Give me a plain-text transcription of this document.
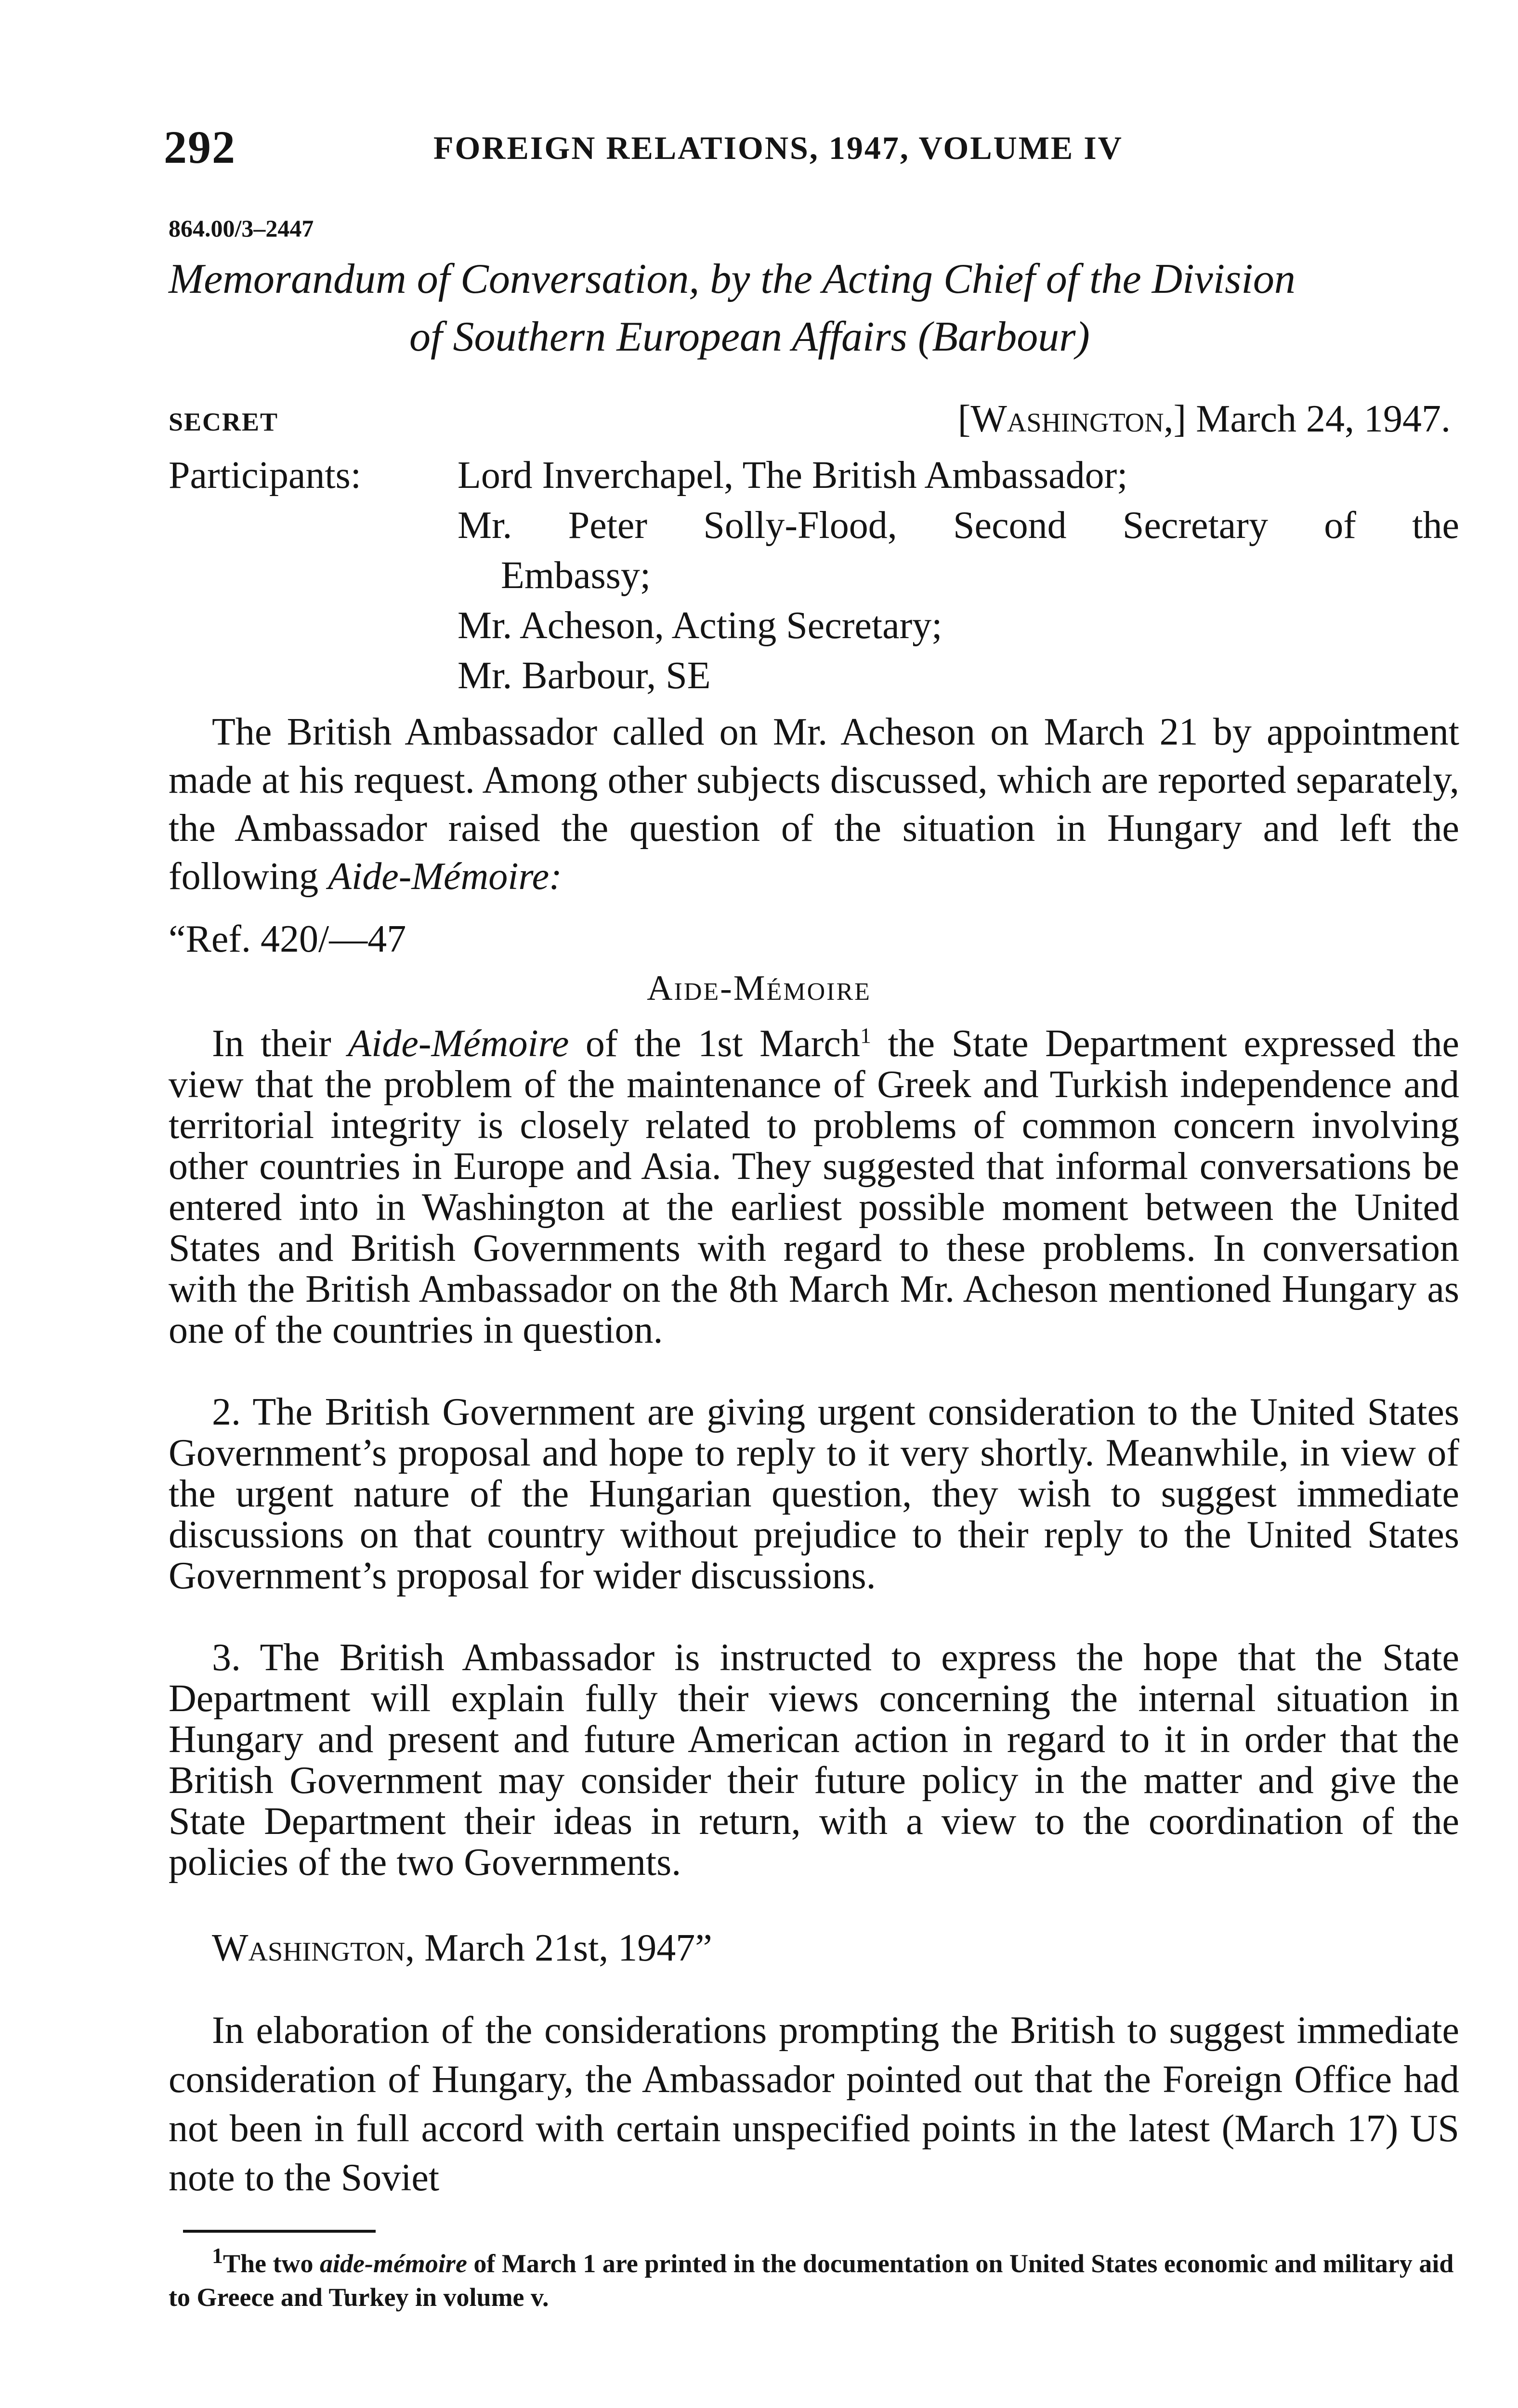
292	FOREIGN RELATIONS, 1947, VOLUME IV
864.00/3–2447
Memorandum of Conversation, by the Acting Chief of the Division
of Southern European Affairs (Barbour)
SECRET	[Washington,] March 24, 1947.
Participants:	Lord Inverchapel, The British Ambassador;
Mr. Peter Solly-Flood, Second Secretary of the
Embassy;
Mr. Acheson, Acting Secretary;
Mr. Barbour, SE

The British Ambassador called on Mr. Acheson on March 21 by appointment made at his request. Among other subjects discussed, which are reported separately, the Ambassador raised the question of the situation in Hungary and left the following Aide-Mémoire:

“Ref. 420/—47
Aide-Mémoire

In their Aide-Mémoire of the 1st March$^1$ the State Department expressed the view that the problem of the maintenance of Greek and Turkish independence and territorial integrity is closely related to problems of common concern involving other countries in Europe and Asia. They suggested that informal conversations be entered into in Washington at the earliest possible moment between the United States and British Governments with regard to these problems. In conversation with the British Ambassador on the 8th March Mr. Acheson mentioned Hungary as one of the countries in question.

2. The British Government are giving urgent consideration to the United States Government’s proposal and hope to reply to it very shortly. Meanwhile, in view of the urgent nature of the Hungarian question, they wish to suggest immediate discussions on that country without prejudice to their reply to the United States Government’s proposal for wider discussions.

3. The British Ambassador is instructed to express the hope that the State Department will explain fully their views concerning the internal situation in Hungary and present and future American action in regard to it in order that the British Government may consider their future policy in the matter and give the State Department their ideas in return, with a view to the coordination of the policies of the two Governments.

Washington, March 21st, 1947”

In elaboration of the considerations prompting the British to suggest immediate consideration of Hungary, the Ambassador pointed out that the Foreign Office had not been in full accord with certain unspecified points in the latest (March 17) US note to the Soviet

1The two aide-mémoire of March 1 are printed in the documentation on United States economic and military aid to Greece and Turkey in volume v.
